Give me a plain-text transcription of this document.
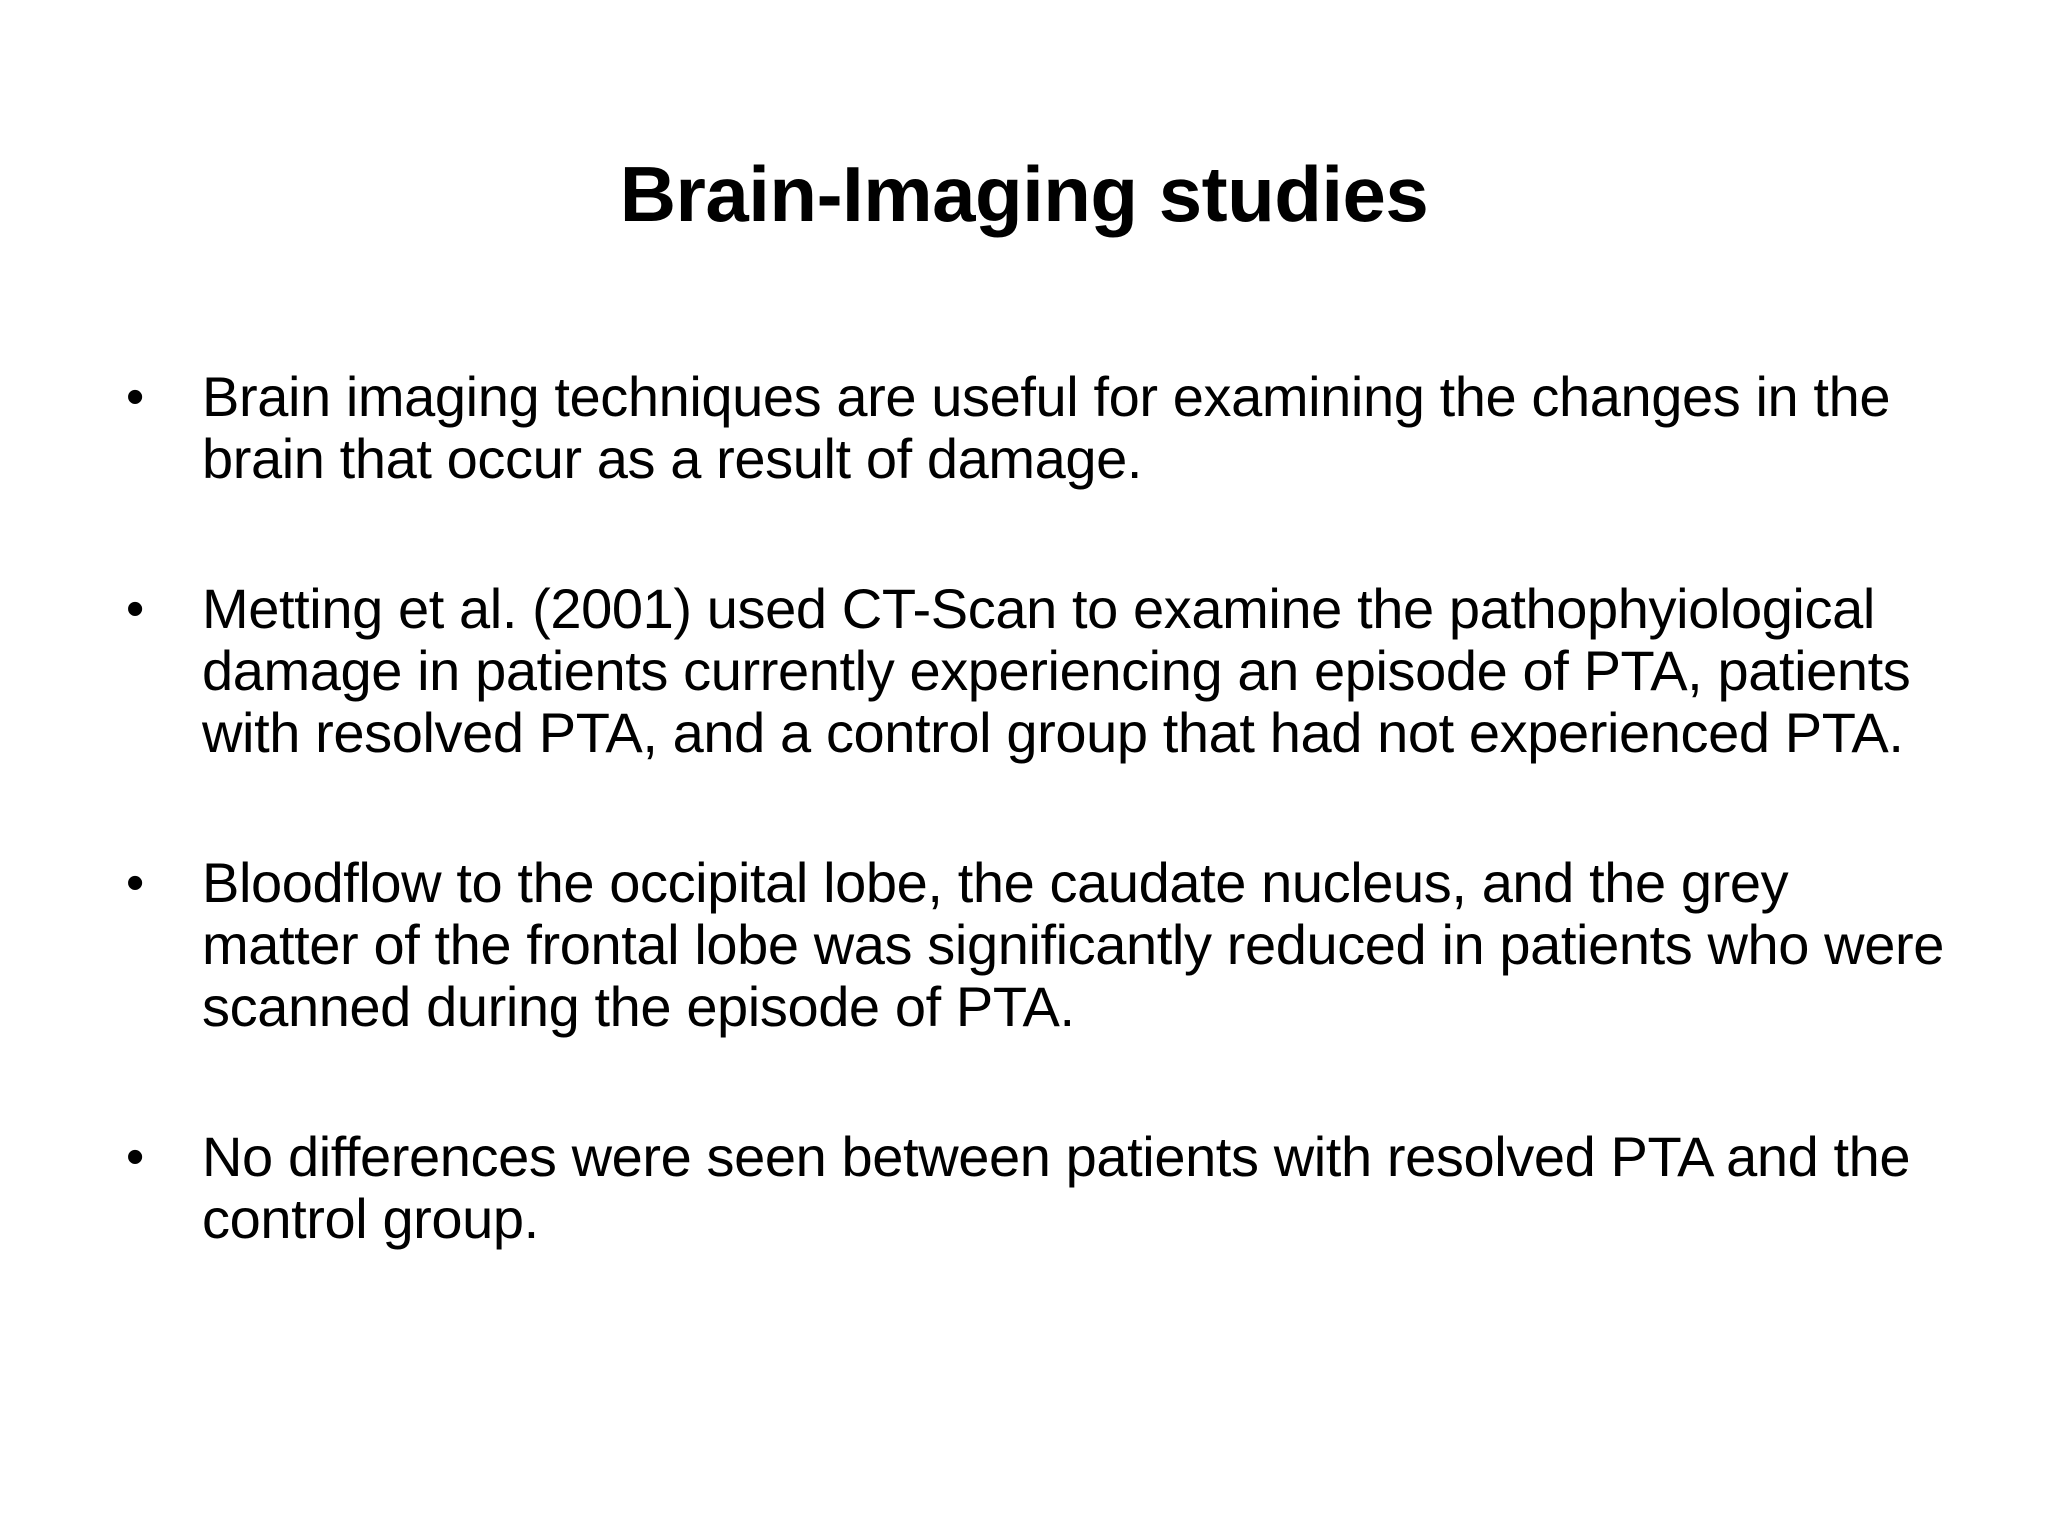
Brain-Imaging studies
•	Brain imaging techniques are useful for examining the changes in the brain that occur as a result of damage.
•	Metting et al. (2001) used CT-Scan to examine the pathophyiological damage in patients currently experiencing an episode of PTA, patients with resolved PTA, and a control group that had not experienced PTA.
•	Bloodflow to the occipital lobe, the caudate nucleus, and the grey matter of the frontal lobe was significantly reduced in patients who were scanned during the episode of PTA.
•	No differences were seen between patients with resolved PTA and the control group.
